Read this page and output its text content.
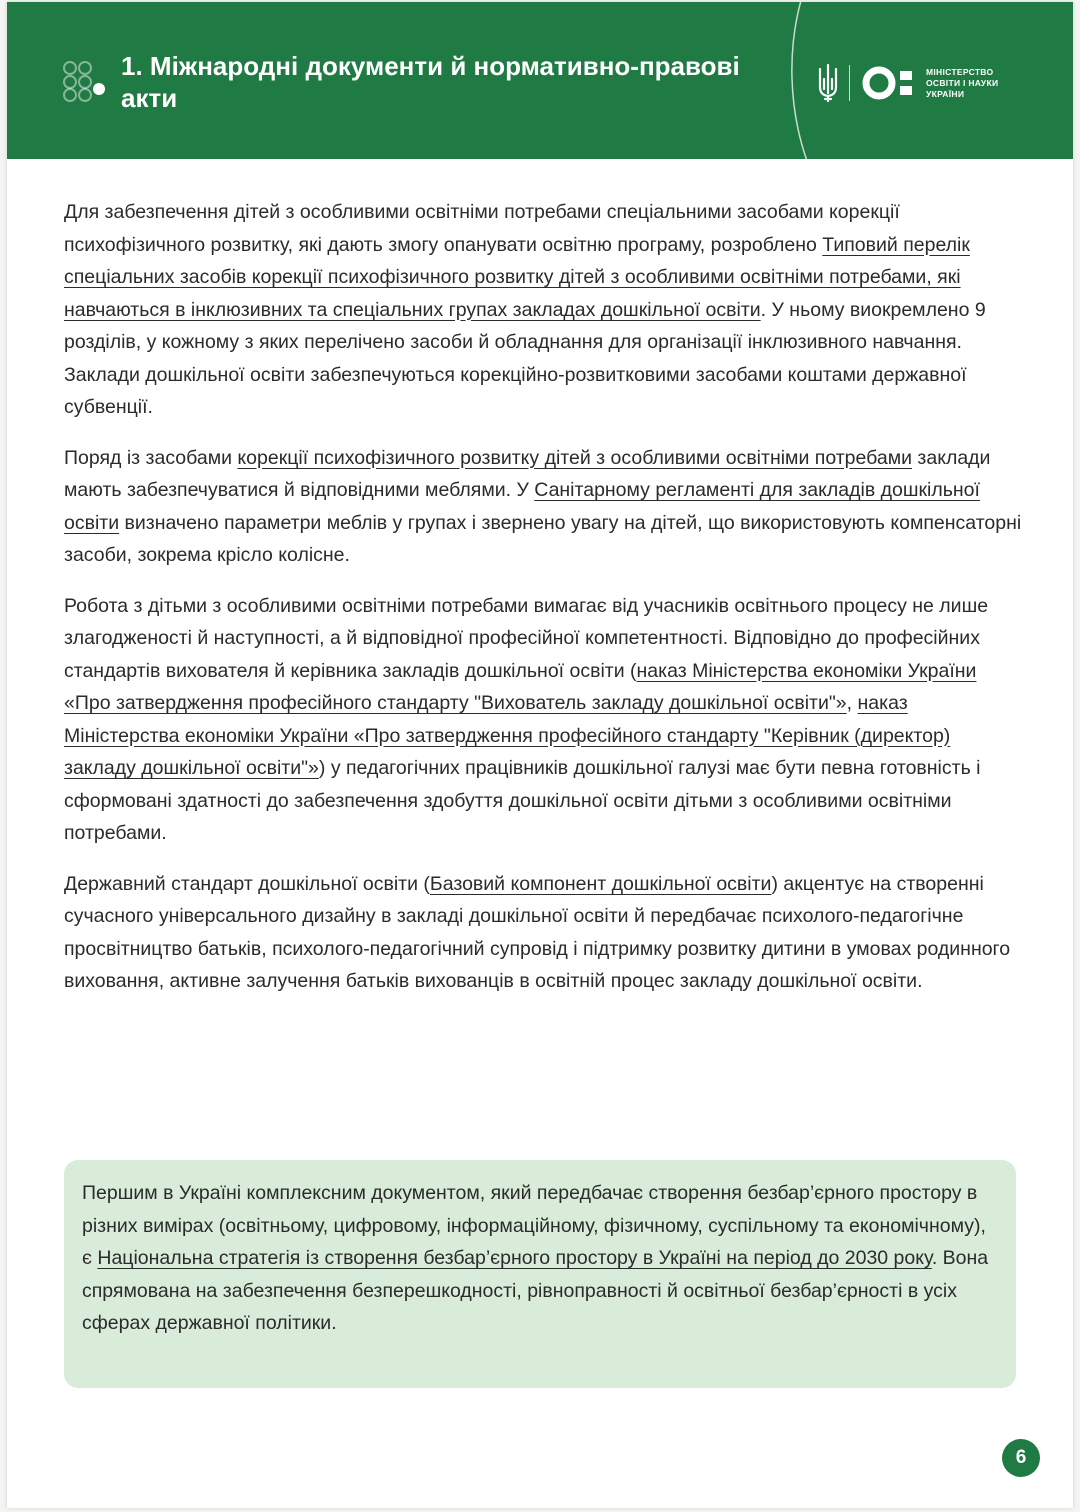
1. Міжнародні документи й нормативно-правові акти
МІНІСТЕРСТВО
ОСВІТИ І НАУКИ
УКРАЇНИ

Для забезпечення дітей з особливими освітніми потребами спеціальними засобами корекції психофізичного розвитку, які дають змогу опанувати освітню програму, розроблено Типовий перелік спеціальних засобів корекції психофізичного розвитку дітей з особливими освітніми потребами, які навчаються в інклюзивних та спеціальних групах закладах дошкільної освіти. У ньому виокремлено 9 розділів, у кожному з яких перелічено засоби й обладнання для організації інклюзивного навчання. Заклади дошкільної освіти забезпечуються корекційно-розвитковими засобами коштами державної субвенції.

Поряд із засобами корекції психофізичного розвитку дітей з особливими освітніми потребами заклади мають забезпечуватися й відповідними меблями. У Санітарному регламенті для закладів дошкільної освіти визначено параметри меблів у групах і звернено увагу на дітей, що використовують компенсаторні засоби, зокрема крісло колісне.

Робота з дітьми з особливими освітніми потребами вимагає від учасників освітнього процесу не лише злагодженості й наступності, а й відповідної професійної компетентності. Відповідно до професійних стандартів вихователя й керівника закладів дошкільної освіти (наказ Міністерства економіки України «Про затвердження професійного стандарту "Вихователь закладу дошкільної освіти"», наказ Міністерства економіки України «Про затвердження професійного стандарту "Керівник (директор) закладу дошкільної освіти"») у педагогічних працівників дошкільної галузі має бути певна готовність і сформовані здатності до забезпечення здобуття дошкільної освіти дітьми з особливими освітніми потребами.

Державний стандарт дошкільної освіти (Базовий компонент дошкільної освіти) акцентує на створенні сучасного універсального дизайну в закладі дошкільної освіти й передбачає психолого-педагогічне просвітництво батьків, психолого-педагогічний супровід і підтримку розвитку дитини в умовах родинного виховання, активне залучення батьків вихованців в освітній процес закладу дошкільної освіти.

Першим в Україні комплексним документом, який передбачає створення безбар’єрного простору в різних вимірах (освітньому, цифровому, інформаційному, фізичному, суспільному та економічному), є Національна стратегія із створення безбар’єрного простору в Україні на період до 2030 року. Вона спрямована на забезпечення безперешкодності, рівноправності й освітньої безбар’єрності в усіх сферах державної політики.

6
